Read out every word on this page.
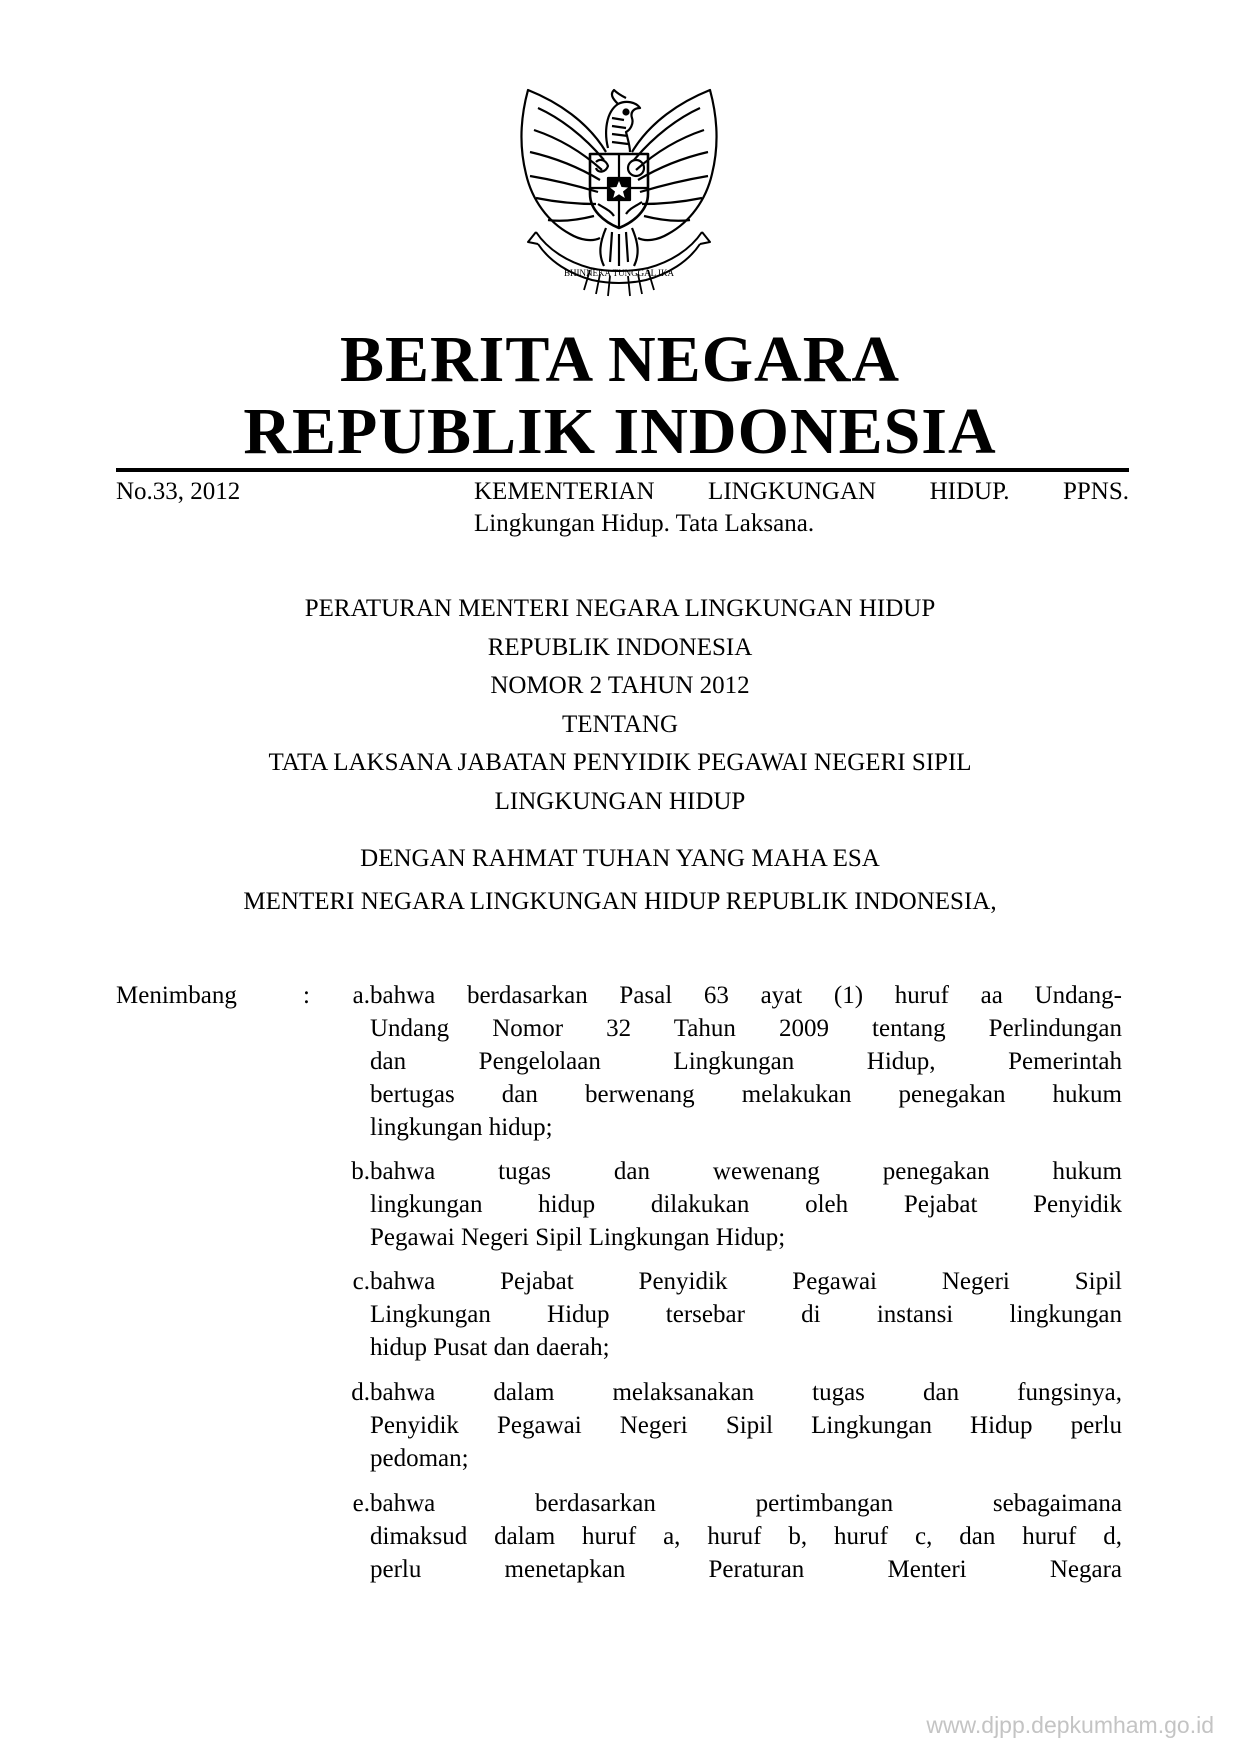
BHINNEKA TUNGGAL IKA
BERITA NEGARA
REPUBLIK INDONESIA
No.33, 2012	KEMENTERIAN LINGKUNGAN HIDUP. PPNS.
Lingkungan Hidup. Tata Laksana.
PERATURAN MENTERI NEGARA LINGKUNGAN HIDUP
REPUBLIK INDONESIA
NOMOR 2 TAHUN 2012
TENTANG
TATA LAKSANA JABATAN PENYIDIK PEGAWAI NEGERI SIPIL
LINGKUNGAN HIDUP
DENGAN RAHMAT TUHAN YANG MAHA ESA
MENTERI NEGARA LINGKUNGAN HIDUP REPUBLIK INDONESIA,
Menimbang	:	a. bahwa berdasarkan Pasal 63 ayat (1) huruf aa Undang-
Undang Nomor 32 Tahun 2009 tentang Perlindungan
dan Pengelolaan Lingkungan Hidup, Pemerintah
bertugas dan berwenang melakukan penegakan hukum
lingkungan hidup;
b. bahwa tugas dan wewenang penegakan hukum
lingkungan hidup dilakukan oleh Pejabat Penyidik
Pegawai Negeri Sipil Lingkungan Hidup;
c. bahwa Pejabat Penyidik Pegawai Negeri Sipil
Lingkungan Hidup tersebar di instansi lingkungan
hidup Pusat dan daerah;
d. bahwa dalam melaksanakan tugas dan fungsinya,
Penyidik Pegawai Negeri Sipil Lingkungan Hidup perlu
pedoman;
e. bahwa berdasarkan pertimbangan sebagaimana
dimaksud dalam huruf a, huruf b, huruf c, dan huruf d,
perlu menetapkan Peraturan Menteri Negara
www.djpp.depkumham.go.id
